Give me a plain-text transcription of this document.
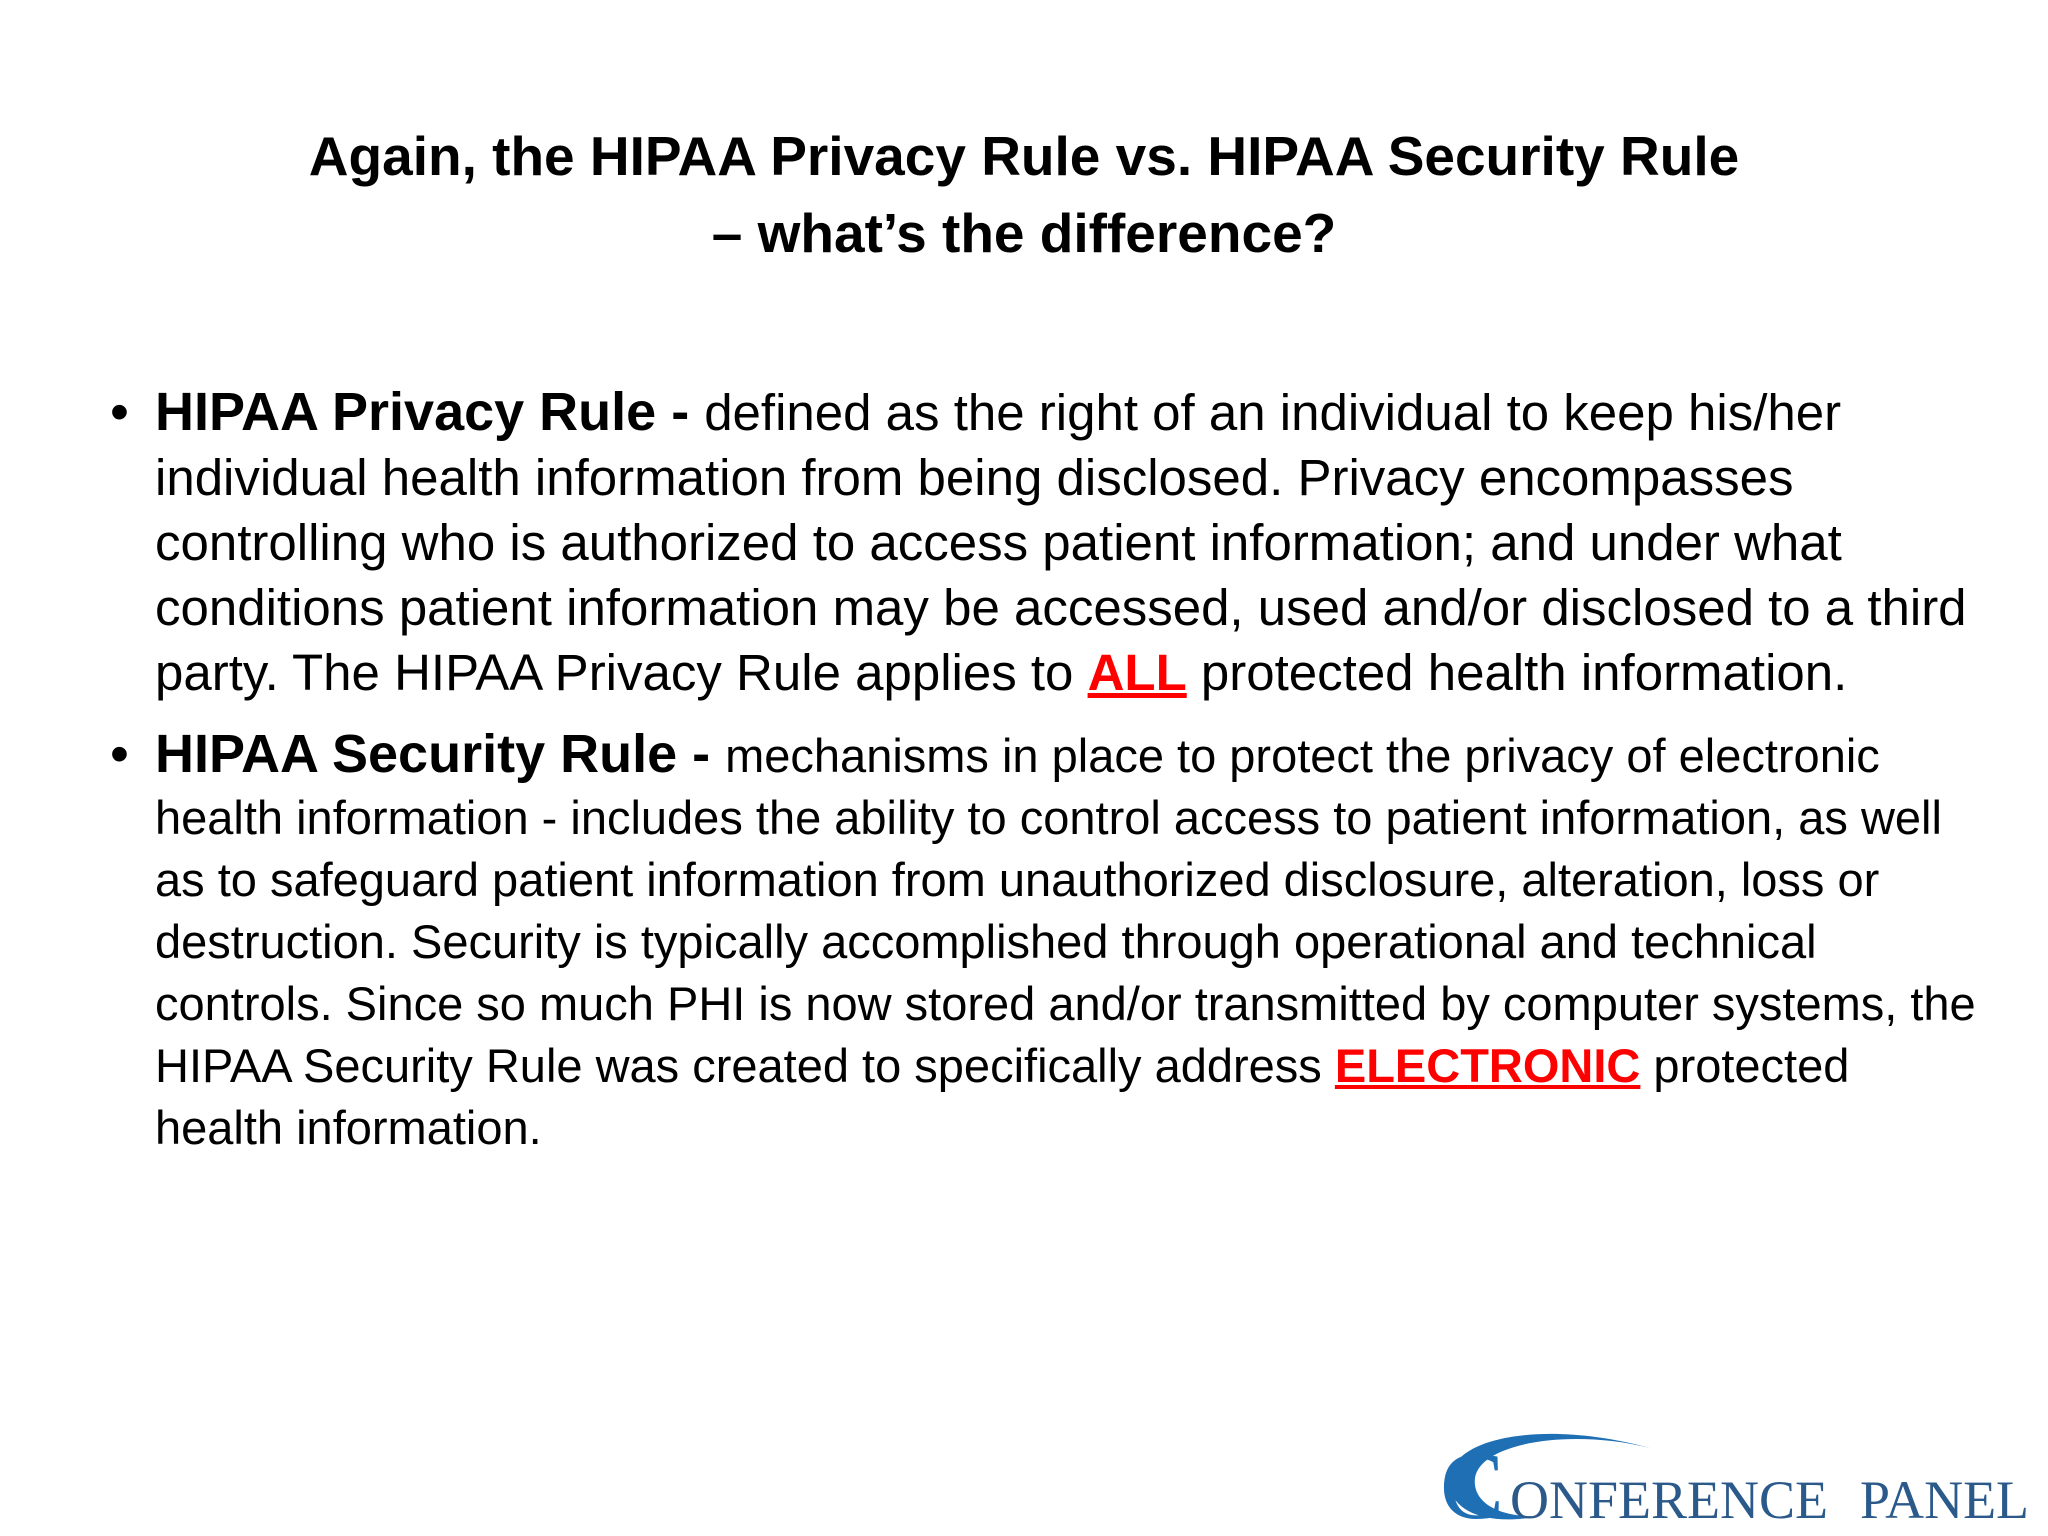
Again, the HIPAA Privacy Rule vs. HIPAA Security Rule
– what’s the difference?
• HIPAA Privacy Rule - defined as the right of an individual to keep his/her individual health information from being disclosed. Privacy encompasses controlling who is authorized to access patient information; and under what conditions patient information may be accessed, used and/or disclosed to a third party. The HIPAA Privacy Rule applies to ALL protected health information.
• HIPAA Security Rule - mechanisms in place to protect the privacy of electronic health information - includes the ability to control access to patient information, as well as to safeguard patient information from unauthorized disclosure, alteration, loss or destruction. Security is typically accomplished through operational and technical controls. Since so much PHI is now stored and/or transmitted by computer systems, the HIPAA Security Rule was created to specifically address ELECTRONIC protected health information.
C ONFERENCE PANEL
